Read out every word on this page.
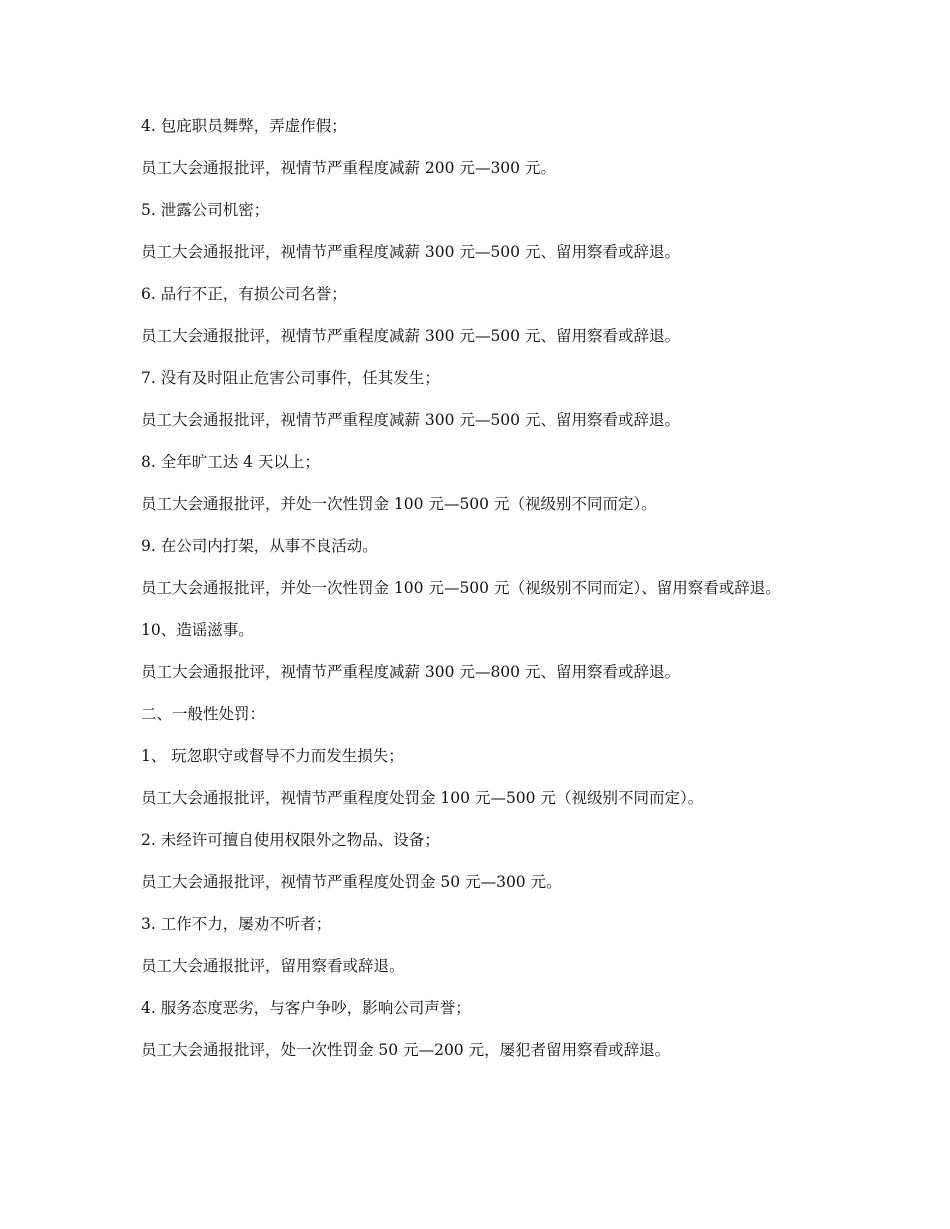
4. 包庇职员舞弊，弄虚作假；

员工大会通报批评，视情节严重程度减薪 200 元—300 元。

5. 泄露公司机密；

员工大会通报批评，视情节严重程度减薪 300 元—500 元、留用察看或辞退。

6. 品行不正，有损公司名誉；

员工大会通报批评，视情节严重程度减薪 300 元—500 元、留用察看或辞退。

7. 没有及时阻止危害公司事件，任其发生；

员工大会通报批评，视情节严重程度减薪 300 元—500 元、留用察看或辞退。

8. 全年旷工达 4 天以上；

员工大会通报批评，并处一次性罚金 100 元—500 元（视级别不同而定）。

9. 在公司内打架，从事不良活动。

员工大会通报批评，并处一次性罚金 100 元—500 元（视级别不同而定）、留用察看或辞退。

10、造谣滋事。

员工大会通报批评，视情节严重程度减薪 300 元—800 元、留用察看或辞退。

二、一般性处罚：

1、 玩忽职守或督导不力而发生损失；

员工大会通报批评，视情节严重程度处罚金 100 元—500 元（视级别不同而定）。

2. 未经许可擅自使用权限外之物品、设备；

员工大会通报批评，视情节严重程度处罚金 50 元—300 元。

3. 工作不力，屡劝不听者；

员工大会通报批评，留用察看或辞退。

4. 服务态度恶劣，与客户争吵，影响公司声誉；

员工大会通报批评，处一次性罚金 50 元—200 元，屡犯者留用察看或辞退。
